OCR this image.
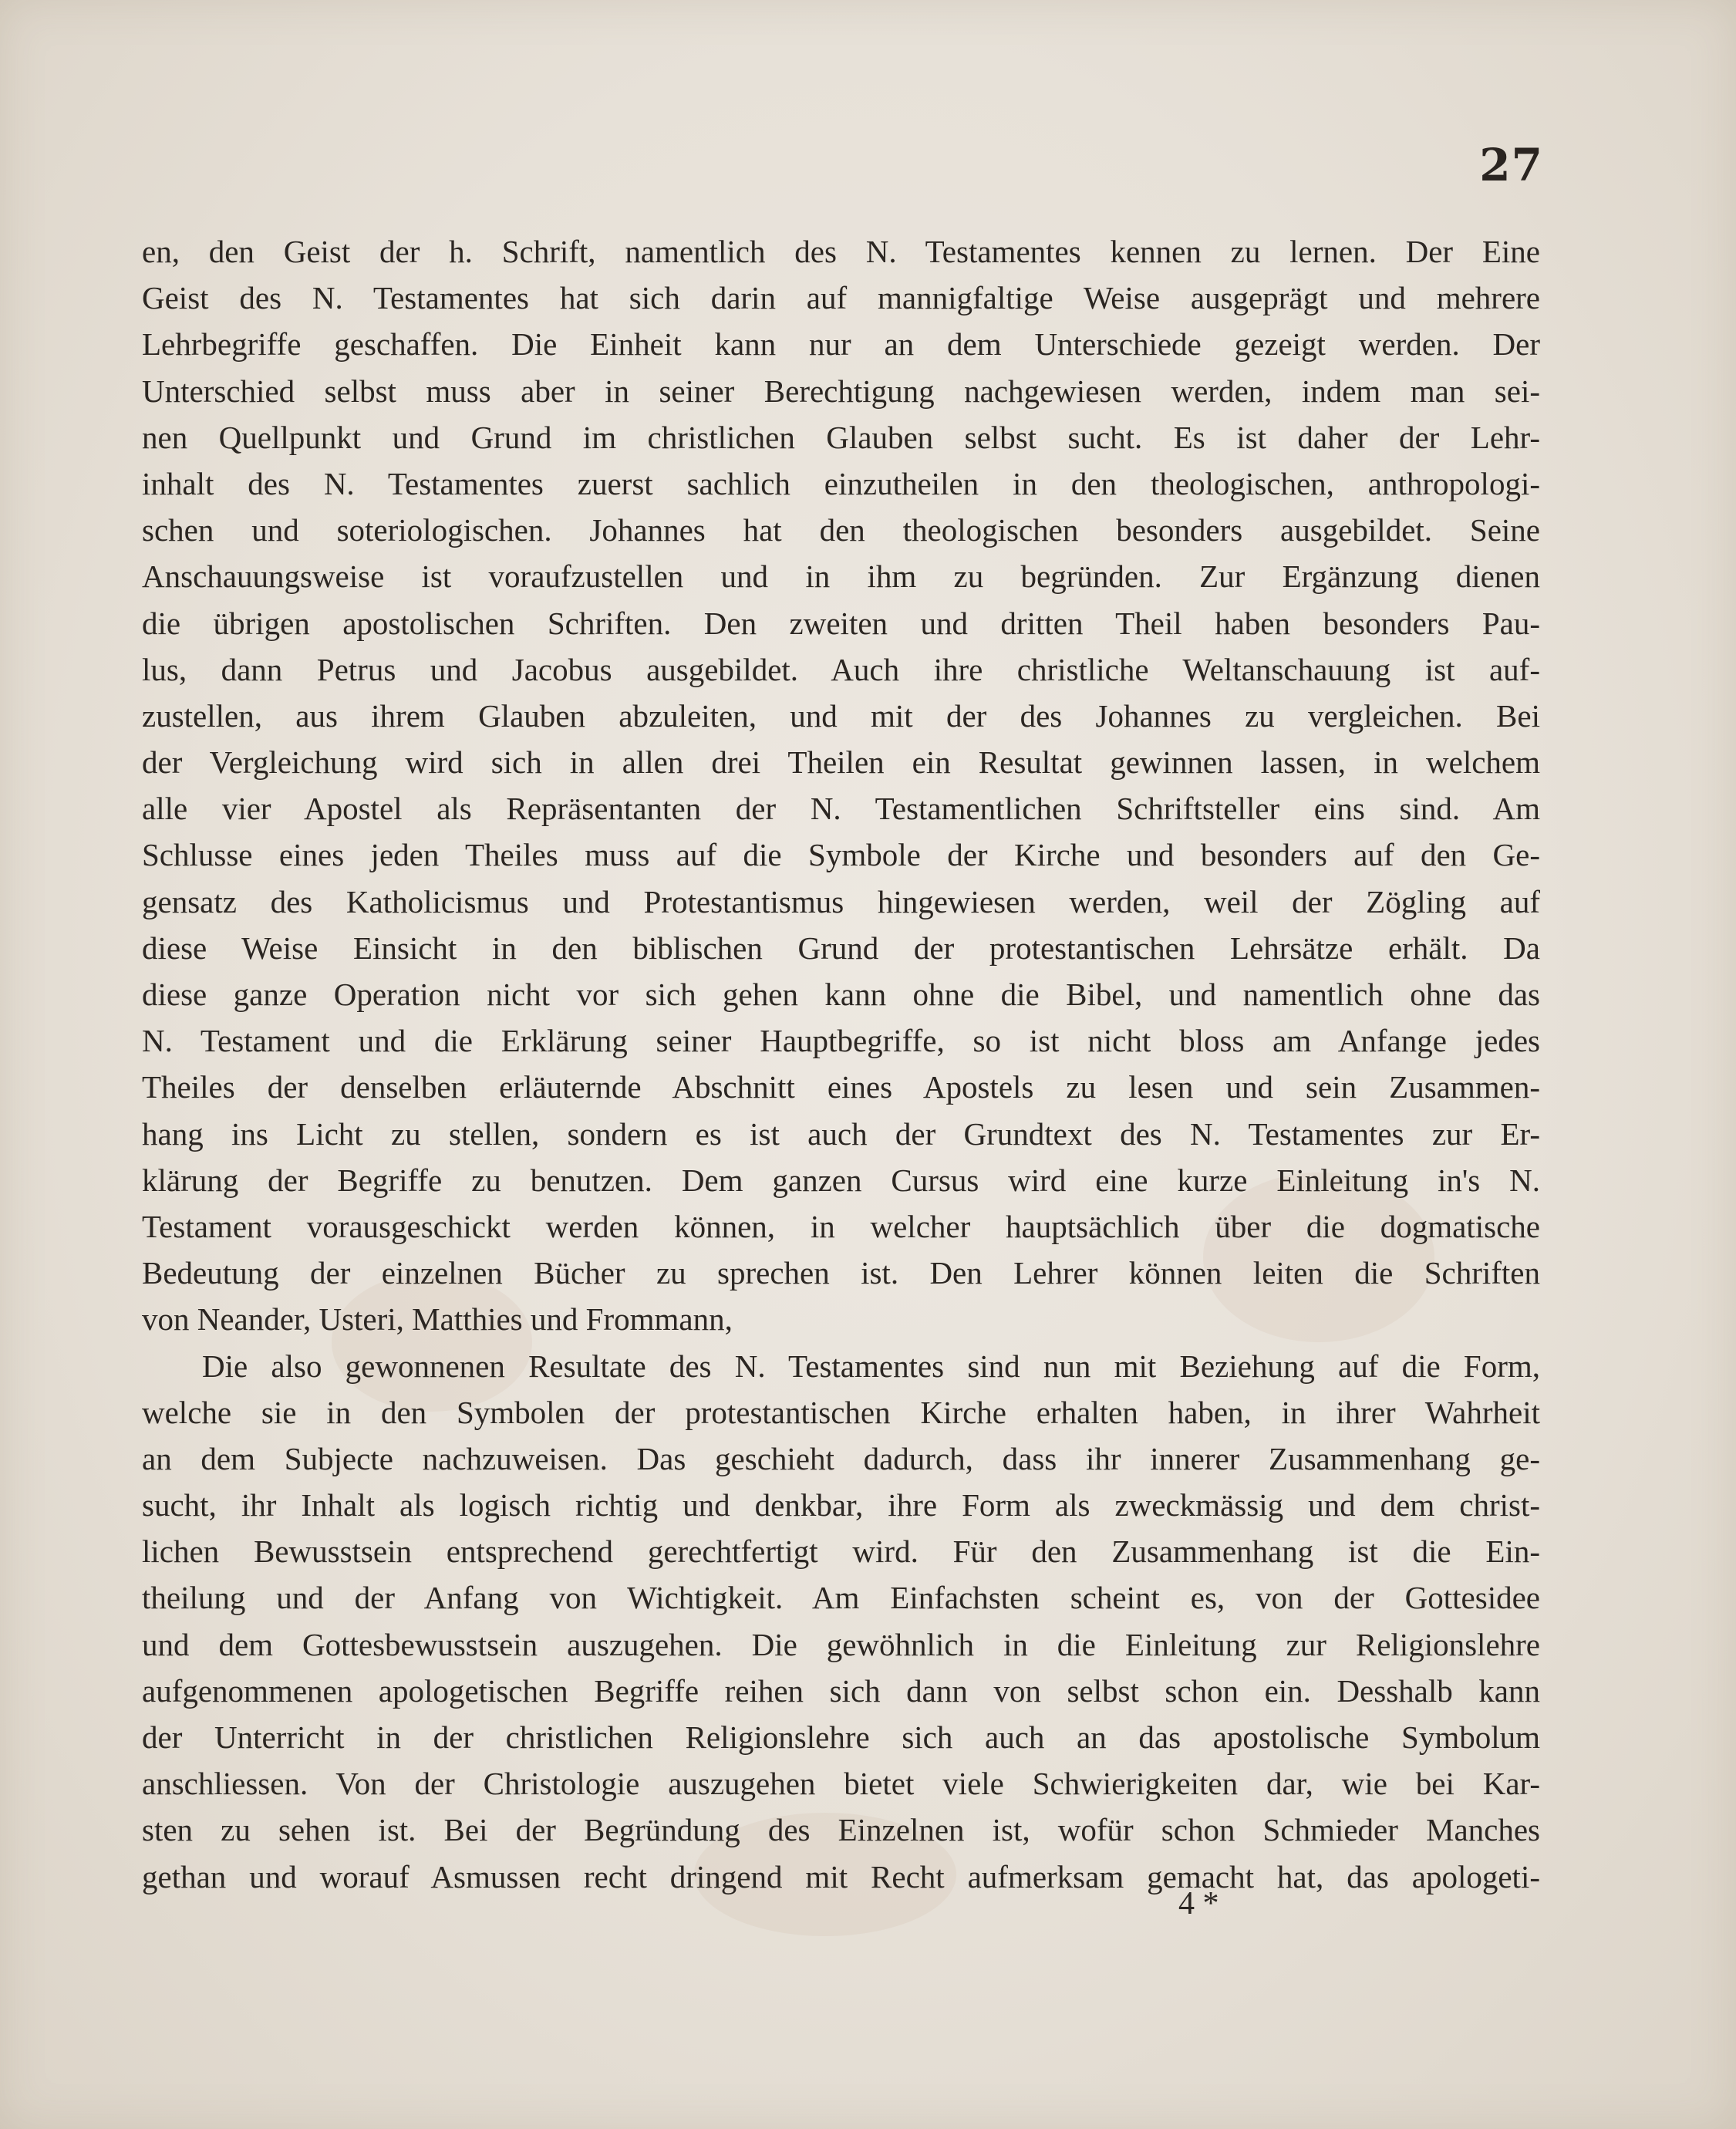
27
en, den Geist der h. Schrift, namentlich des N. Testamentes kennen zu lernen. Der Eine
Geist des N. Testamentes hat sich darin auf mannigfaltige Weise ausgeprägt und mehrere
Lehrbegriffe geschaffen. Die Einheit kann nur an dem Unterschiede gezeigt werden. Der
Unterschied selbst muss aber in seiner Berechtigung nachgewiesen werden, indem man sei-
nen Quellpunkt und Grund im christlichen Glauben selbst sucht. Es ist daher der Lehr-
inhalt des N. Testamentes zuerst sachlich einzutheilen in den theologischen, anthropologi-
schen und soteriologischen. Johannes hat den theologischen besonders ausgebildet. Seine
Anschauungsweise ist voraufzustellen und in ihm zu begründen. Zur Ergänzung dienen
die übrigen apostolischen Schriften. Den zweiten und dritten Theil haben besonders Pau-
lus, dann Petrus und Jacobus ausgebildet. Auch ihre christliche Weltanschauung ist auf-
zustellen, aus ihrem Glauben abzuleiten, und mit der des Johannes zu vergleichen. Bei
der Vergleichung wird sich in allen drei Theilen ein Resultat gewinnen lassen, in welchem
alle vier Apostel als Repräsentanten der N. Testamentlichen Schriftsteller eins sind. Am
Schlusse eines jeden Theiles muss auf die Symbole der Kirche und besonders auf den Ge-
gensatz des Katholicismus und Protestantismus hingewiesen werden, weil der Zögling auf
diese Weise Einsicht in den biblischen Grund der protestantischen Lehrsätze erhält. Da
diese ganze Operation nicht vor sich gehen kann ohne die Bibel, und namentlich ohne das
N. Testament und die Erklärung seiner Hauptbegriffe, so ist nicht bloss am Anfange jedes
Theiles der denselben erläuternde Abschnitt eines Apostels zu lesen und sein Zusammen-
hang ins Licht zu stellen, sondern es ist auch der Grundtext des N. Testamentes zur Er-
klärung der Begriffe zu benutzen. Dem ganzen Cursus wird eine kurze Einleitung in's N.
Testament vorausgeschickt werden können, in welcher hauptsächlich über die dogmatische
Bedeutung der einzelnen Bücher zu sprechen ist. Den Lehrer können leiten die Schriften
von Neander, Usteri, Matthies und Frommann,
Die also gewonnenen Resultate des N. Testamentes sind nun mit Beziehung auf die Form,
welche sie in den Symbolen der protestantischen Kirche erhalten haben, in ihrer Wahrheit
an dem Subjecte nachzuweisen. Das geschieht dadurch, dass ihr innerer Zusammenhang ge-
sucht, ihr Inhalt als logisch richtig und denkbar, ihre Form als zweckmässig und dem christ-
lichen Bewusstsein entsprechend gerechtfertigt wird. Für den Zusammenhang ist die Ein-
theilung und der Anfang von Wichtigkeit. Am Einfachsten scheint es, von der Gottesidee
und dem Gottesbewusstsein auszugehen. Die gewöhnlich in die Einleitung zur Religionslehre
aufgenommenen apologetischen Begriffe reihen sich dann von selbst schon ein. Desshalb kann
der Unterricht in der christlichen Religionslehre sich auch an das apostolische Symbolum
anschliessen. Von der Christologie auszugehen bietet viele Schwierigkeiten dar, wie bei Kar-
sten zu sehen ist. Bei der Begründung des Einzelnen ist, wofür schon Schmieder Manches
gethan und worauf Asmussen recht dringend mit Recht aufmerksam gemacht hat, das apologeti-
4 *
